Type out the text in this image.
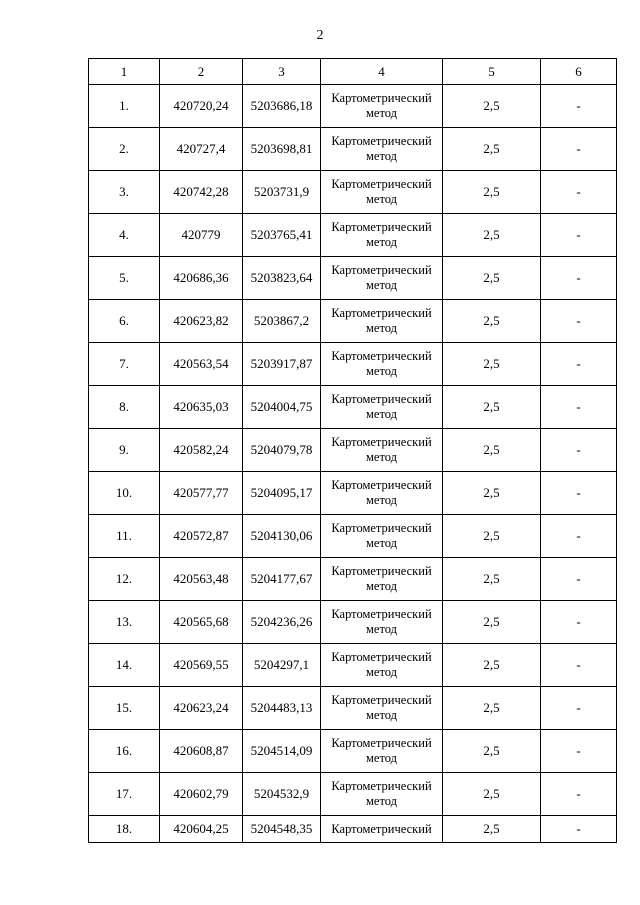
2
1	2	3	4	5	6
1.	420720,24	5203686,18	Картометрический метод	2,5	-
2.	420727,4	5203698,81	Картометрический метод	2,5	-
3.	420742,28	5203731,9	Картометрический метод	2,5	-
4.	420779	5203765,41	Картометрический метод	2,5	-
5.	420686,36	5203823,64	Картометрический метод	2,5	-
6.	420623,82	5203867,2	Картометрический метод	2,5	-
7.	420563,54	5203917,87	Картометрический метод	2,5	-
8.	420635,03	5204004,75	Картометрический метод	2,5	-
9.	420582,24	5204079,78	Картометрический метод	2,5	-
10.	420577,77	5204095,17	Картометрический метод	2,5	-
11.	420572,87	5204130,06	Картометрический метод	2,5	-
12.	420563,48	5204177,67	Картометрический метод	2,5	-
13.	420565,68	5204236,26	Картометрический метод	2,5	-
14.	420569,55	5204297,1	Картометрический метод	2,5	-
15.	420623,24	5204483,13	Картометрический метод	2,5	-
16.	420608,87	5204514,09	Картометрический метод	2,5	-
17.	420602,79	5204532,9	Картометрический метод	2,5	-
18.	420604,25	5204548,35	Картометрический	2,5	-
